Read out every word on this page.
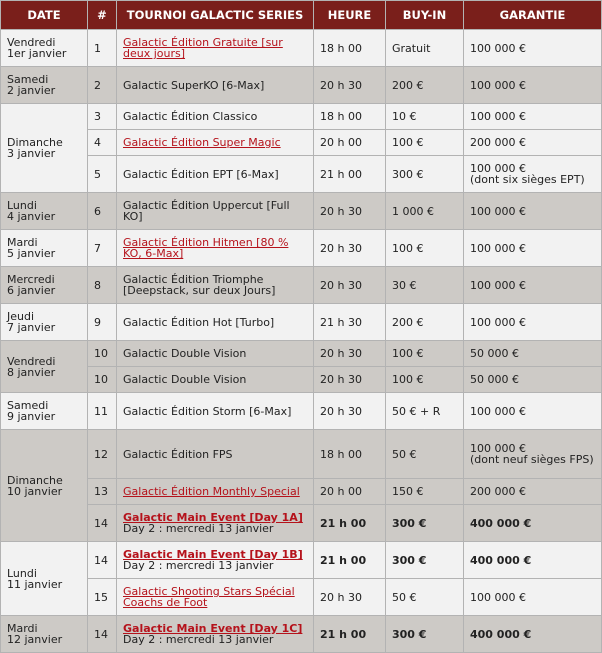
DATE	#	TOURNOI GALACTIC SERIES	HEURE	BUY-IN	GARANTIE

Vendredi
1er janvier	1	Galactic Édition Gratuite [sur deux jours]	18 h 00	Gratuit	100 000 €

Samedi
2 janvier	2	Galactic SuperKO [6-Max]	20 h 30	200 €	100 000 €

Dimanche
3 janvier	3	Galactic Édition Classico	18 h 00	10 €	100 000 €

	4	Galactic Édition Super Magic	20 h 00	100 €	200 000 €

	5	Galactic Édition EPT [6-Max]	21 h 00	300 €	100 000 €
(dont six sièges EPT)

Lundi
4 janvier	6	Galactic Édition Uppercut [Full KO]	20 h 30	1 000 €	100 000 €

Mardi
5 janvier	7	Galactic Édition Hitmen [80 % KO, 6-Max]	20 h 30	100 €	100 000 €

Mercredi
6 janvier	8	Galactic Édition Triomphe [Deepstack, sur deux Jours]	20 h 30	30 €	100 000 €

Jeudi
7 janvier	9	Galactic Édition Hot [Turbo]	21 h 30	200 €	100 000 €

Vendredi
8 janvier	10	Galactic Double Vision	20 h 30	100 €	50 000 €

	10	Galactic Double Vision	20 h 30	100 €	50 000 €

Samedi
9 janvier	11	Galactic Édition Storm [6-Max]	20 h 30	50 € + R	100 000 €

Dimanche
10 janvier	12	Galactic Édition FPS	18 h 00	50 €	100 000 €
(dont neuf sièges FPS)

	13	Galactic Édition Monthly Special	20 h 00	150 €	200 000 €

	14	Galactic Main Event [Day 1A]
Day 2 : mercredi 13 janvier	21 h 00	300 €	400 000 €

Lundi
11 janvier	14	Galactic Main Event [Day 1B]
Day 2 : mercredi 13 janvier	21 h 00	300 €	400 000 €

	15	Galactic Shooting Stars Spécial Coachs de Foot	20 h 30	50 €	100 000 €

Mardi
12 janvier	14	Galactic Main Event [Day 1C]
Day 2 : mercredi 13 janvier	21 h 00	300 €	400 000 €
